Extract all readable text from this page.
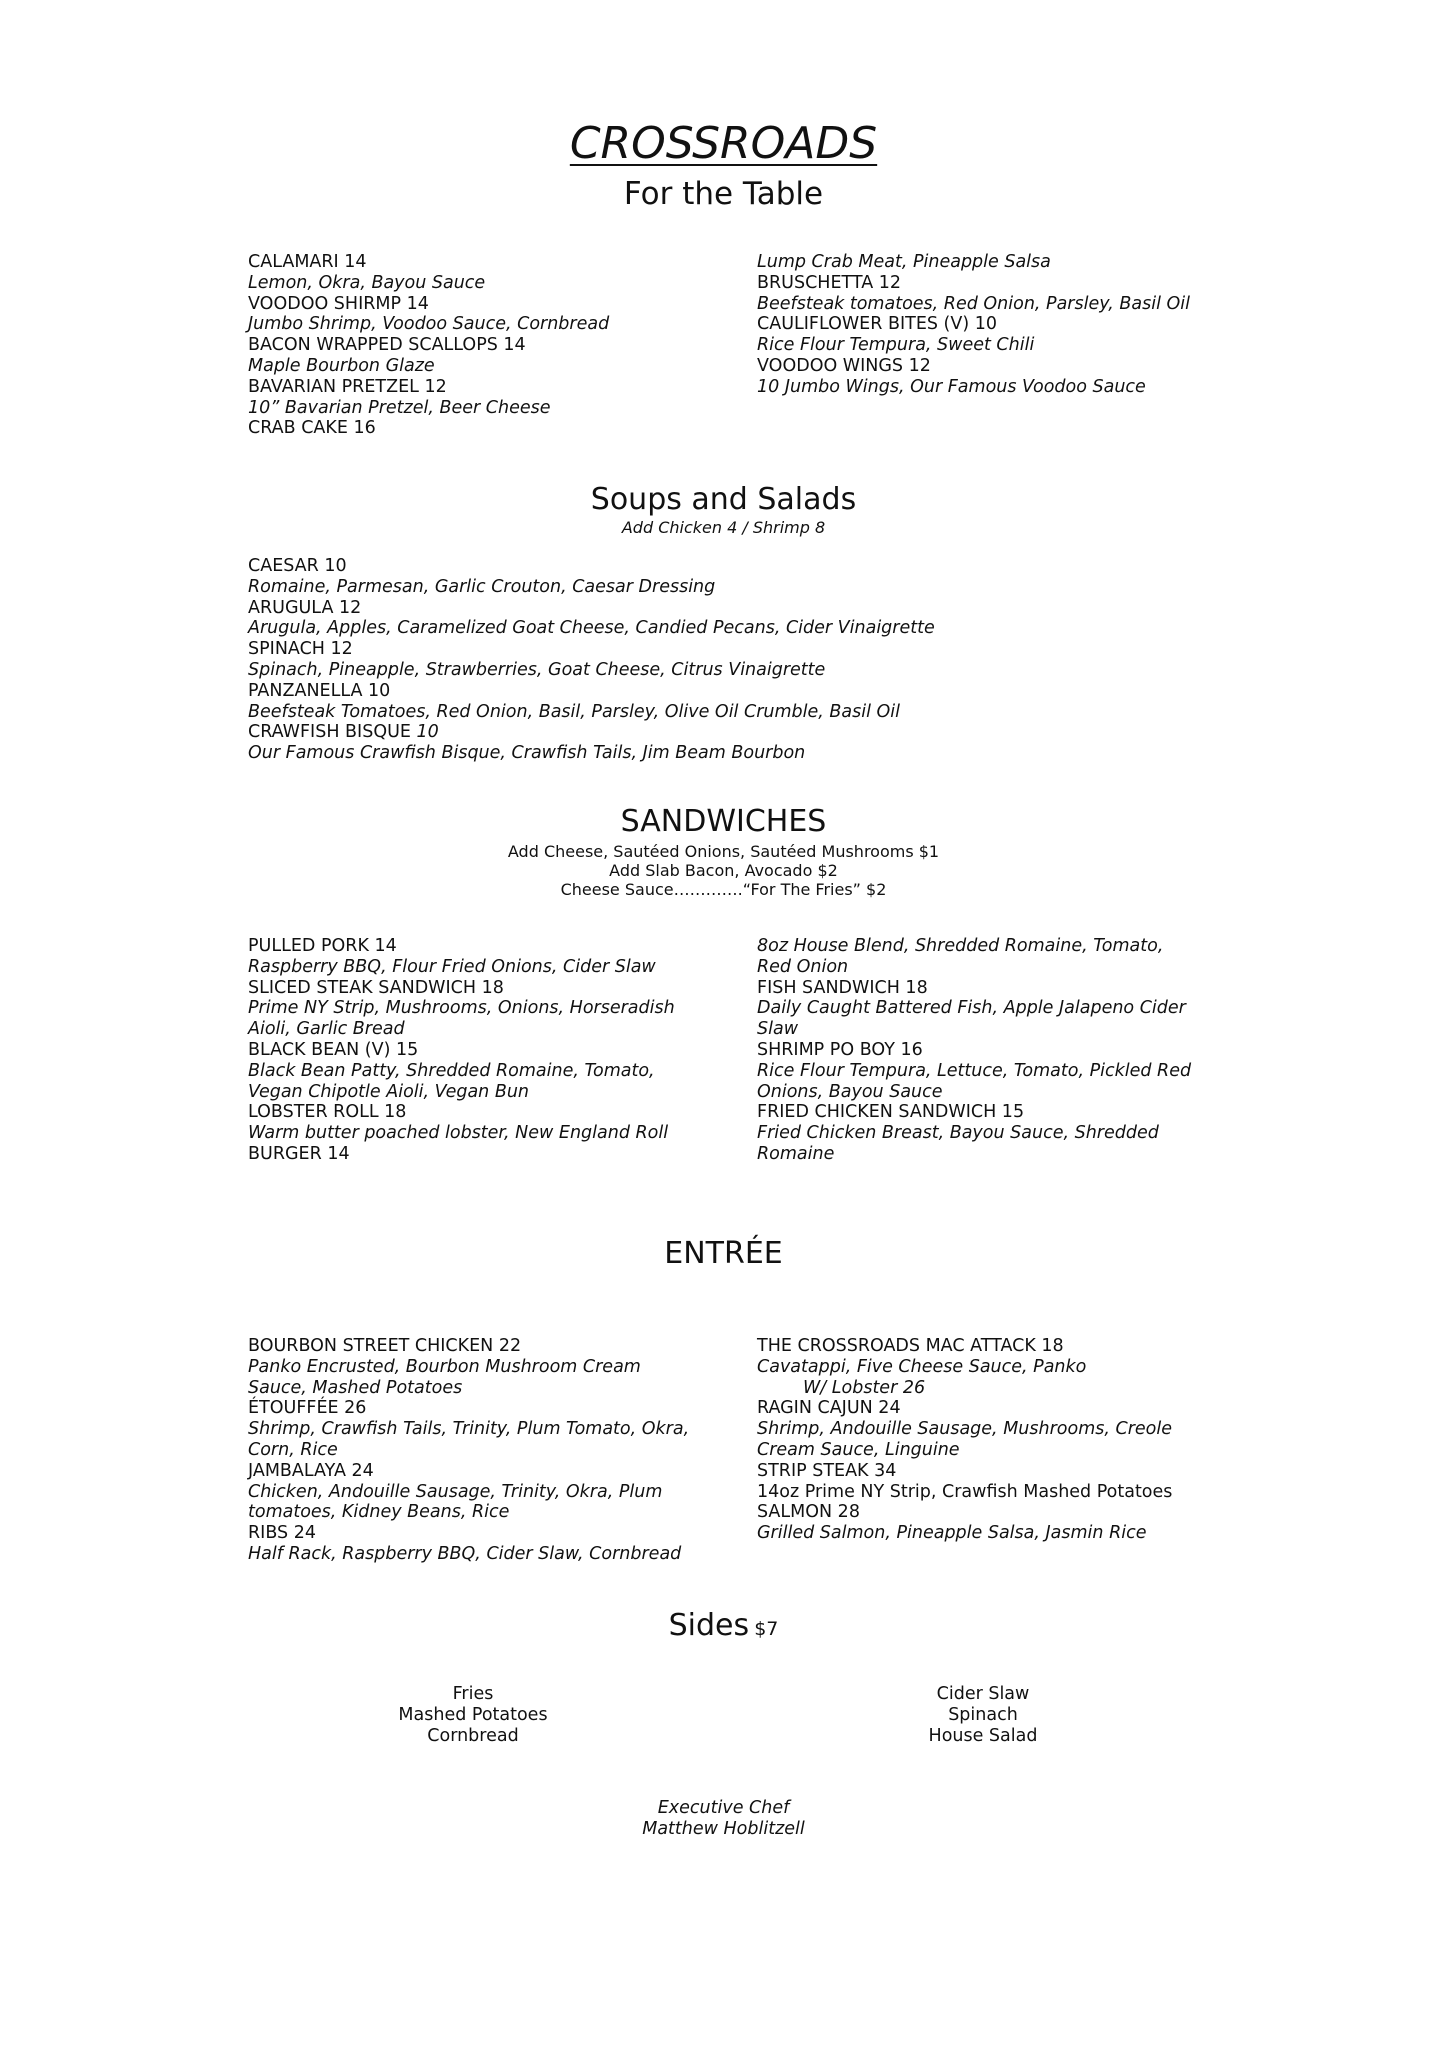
CROSSROADS
For the Table
CALAMARI 14
Lemon, Okra, Bayou Sauce
VOODOO SHIRMP 14
Jumbo Shrimp, Voodoo Sauce, Cornbread
BACON WRAPPED SCALLOPS 14
Maple Bourbon Glaze
BAVARIAN PRETZEL 12
10” Bavarian Pretzel, Beer Cheese
CRAB CAKE 16
Lump Crab Meat, Pineapple Salsa
BRUSCHETTA 12
Beefsteak tomatoes, Red Onion, Parsley, Basil Oil
CAULIFLOWER BITES (V) 10
Rice Flour Tempura, Sweet Chili
VOODOO WINGS 12
10 Jumbo Wings, Our Famous Voodoo Sauce
Soups and Salads
Add Chicken 4 / Shrimp 8
CAESAR 10
Romaine, Parmesan, Garlic Crouton, Caesar Dressing
ARUGULA 12
Arugula, Apples, Caramelized Goat Cheese, Candied Pecans, Cider Vinaigrette
SPINACH 12
Spinach, Pineapple, Strawberries, Goat Cheese, Citrus Vinaigrette
PANZANELLA 10
Beefsteak Tomatoes, Red Onion, Basil, Parsley, Olive Oil Crumble, Basil Oil
CRAWFISH BISQUE 10
Our Famous Crawfish Bisque, Crawfish Tails, Jim Beam Bourbon
SANDWICHES
Add Cheese, Sautéed Onions, Sautéed Mushrooms $1
Add Slab Bacon, Avocado $2
Cheese Sauce………….“For The Fries” $2
PULLED PORK 14
Raspberry BBQ, Flour Fried Onions, Cider Slaw
SLICED STEAK SANDWICH 18
Prime NY Strip, Mushrooms, Onions, Horseradish Aioli, Garlic Bread
BLACK BEAN (V) 15
Black Bean Patty, Shredded Romaine, Tomato, Vegan Chipotle Aioli, Vegan Bun
LOBSTER ROLL 18
Warm butter poached lobster, New England Roll
BURGER 14
8oz House Blend, Shredded Romaine, Tomato, Red Onion
FISH SANDWICH 18
Daily Caught Battered Fish, Apple Jalapeno Cider Slaw
SHRIMP PO BOY 16
Rice Flour Tempura, Lettuce, Tomato, Pickled Red Onions, Bayou Sauce
FRIED CHICKEN SANDWICH 15
Fried Chicken Breast, Bayou Sauce, Shredded Romaine
ENTRÉE
BOURBON STREET CHICKEN 22
Panko Encrusted, Bourbon Mushroom Cream Sauce, Mashed Potatoes
ÉTOUFFÉE 26
Shrimp, Crawfish Tails, Trinity, Plum Tomato, Okra, Corn, Rice
JAMBALAYA 24
Chicken, Andouille Sausage, Trinity, Okra, Plum tomatoes, Kidney Beans, Rice
RIBS 24
Half Rack, Raspberry BBQ, Cider Slaw, Cornbread
THE CROSSROADS MAC ATTACK 18
Cavatappi, Five Cheese Sauce, Panko
W/ Lobster 26
RAGIN CAJUN 24
Shrimp, Andouille Sausage, Mushrooms, Creole Cream Sauce, Linguine
STRIP STEAK 34
14oz Prime NY Strip, Crawfish Mashed Potatoes
SALMON 28
Grilled Salmon, Pineapple Salsa, Jasmin Rice
Sides $7
Fries
Mashed Potatoes
Cornbread
Cider Slaw
Spinach
House Salad
Executive Chef
Matthew Hoblitzell
